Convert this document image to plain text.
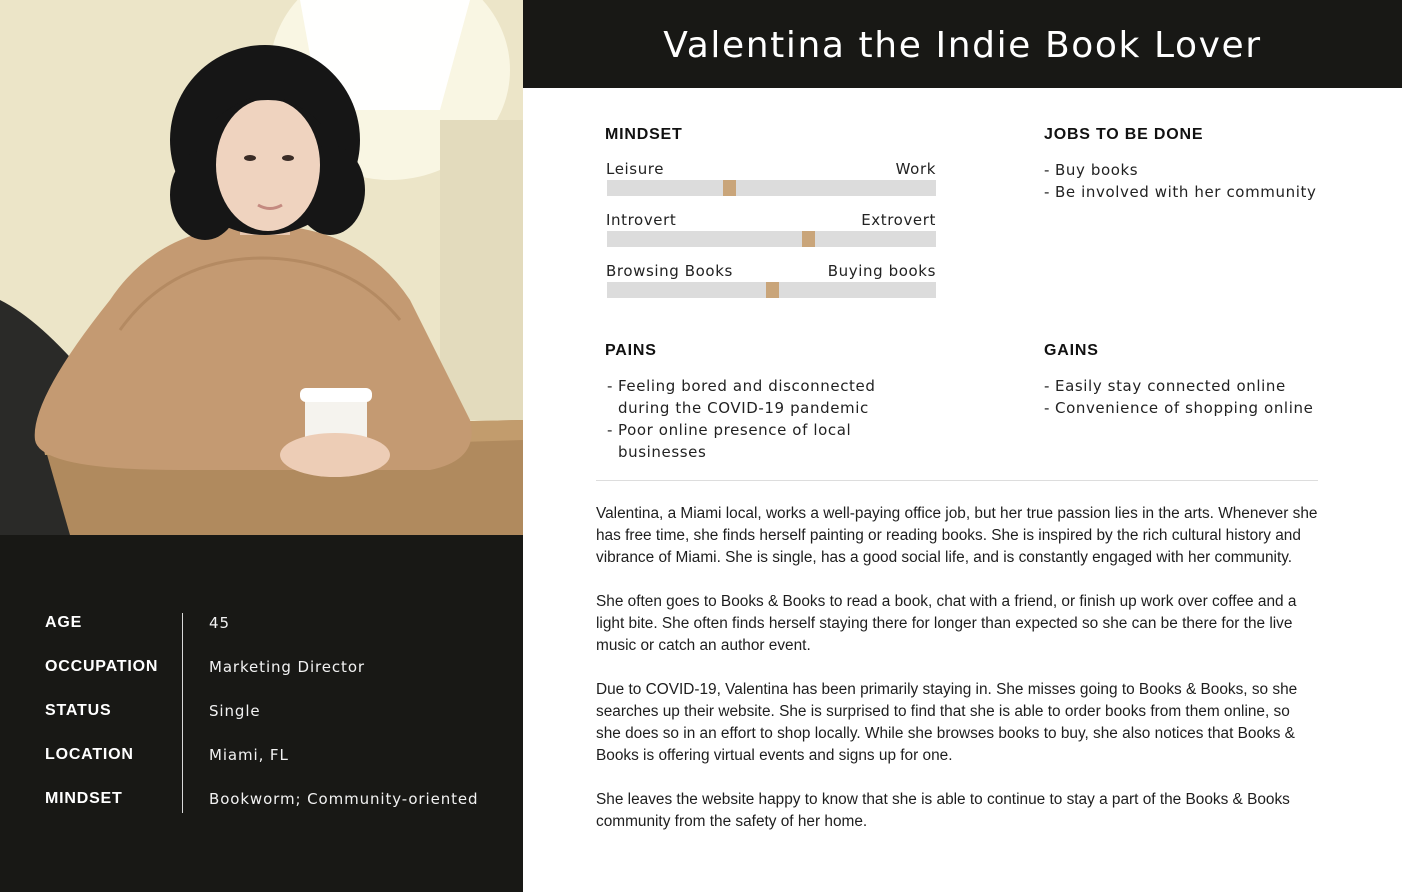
AGE	45
OCCUPATION	Marketing Director
STATUS	Single
LOCATION	Miami, FL
MINDSET	Bookworm; Community-oriented
Valentina the Indie Book Lover
MINDSET
Leisure	Work
Introvert	Extrovert
Browsing Books	Buying books
JOBS TO BE DONE
- Buy books
- Be involved with her community
PAINS
- Feeling bored and disconnected during the COVID-19 pandemic
- Poor online presence of local businesses
GAINS
- Easily stay connected online
- Convenience of shopping online

Valentina, a Miami local, works a well-paying office job, but her true passion lies in the arts. Whenever she has free time, she finds herself painting or reading books. She is inspired by the rich cultural history and vibrance of Miami. She is single, has a good social life, and is constantly engaged with her community.

She often goes to Books & Books to read a book, chat with a friend, or finish up work over coffee and a light bite. She often finds herself staying there for longer than expected so she can be there for the live music or catch an author event.

Due to COVID-19, Valentina has been primarily staying in. She misses going to Books & Books, so she searches up their website. She is surprised to find that she is able to order books from them online, so she does so in an effort to shop locally. While she browses books to buy, she also notices that Books & Books is offering virtual events and signs up for one.

She leaves the website happy to know that she is able to continue to stay a part of the Books & Books community from the safety of her home.
